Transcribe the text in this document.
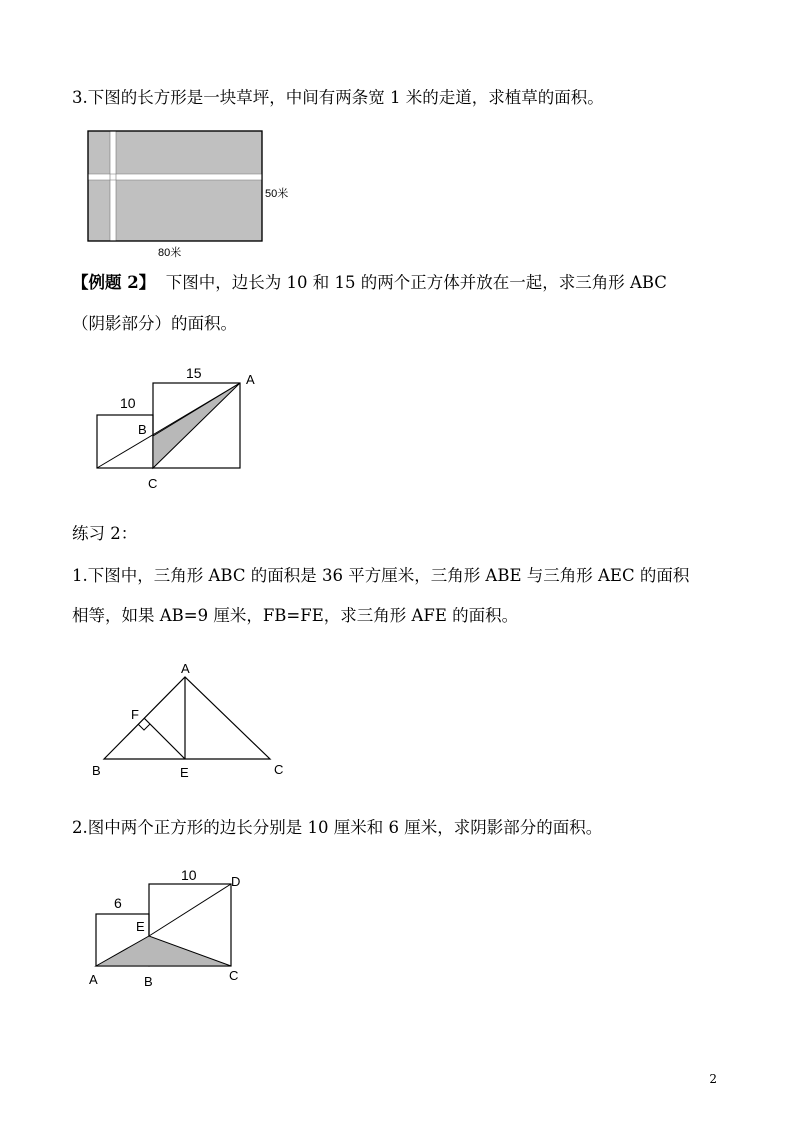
3.下图的长方形是一块草坪，中间有两条宽 1 米的走道，求植草的面积。
50米
80米
【例题 2】 下图中，边长为 10 和 15 的两个正方体并放在一起，求三角形 ABC
（阴影部分）的面积。
10
15	A
B
C
练习 2：
1.下图中，三角形 ABC 的面积是 36 平方厘米，三角形 ABE 与三角形 AEC 的面积
相等，如果 AB=9 厘米，FB=FE，求三角形 AFE 的面积。
A
F
B	E	C
2.图中两个正方形的边长分别是 10 厘米和 6 厘米，求阴影部分的面积。
6
10	D
E
A	B	C
2
